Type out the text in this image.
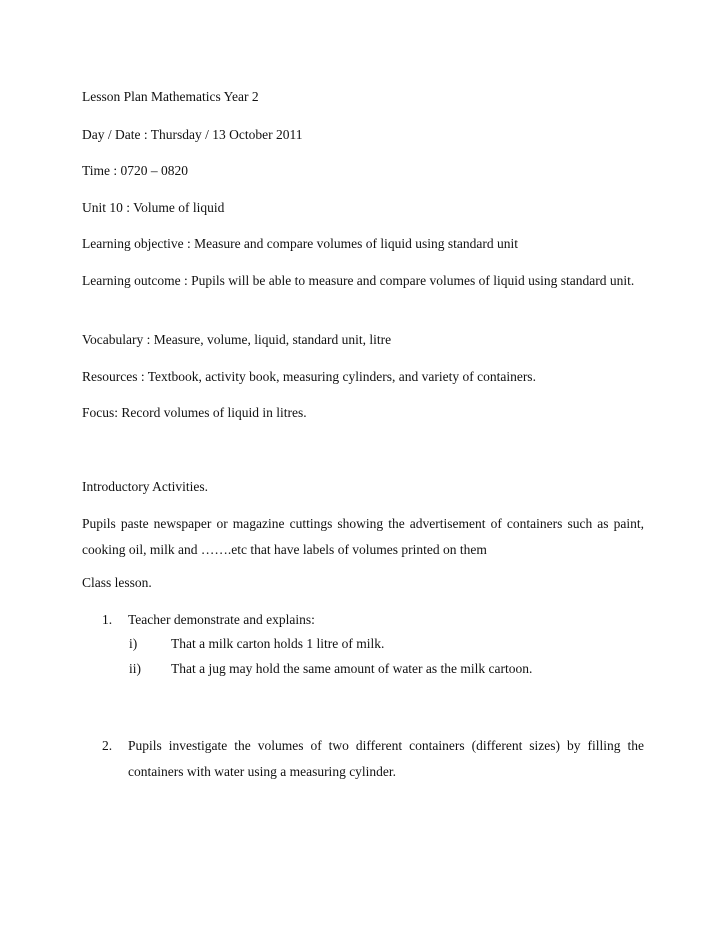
Lesson Plan Mathematics Year 2

Day / Date : Thursday / 13 October 2011

Time : 0720 – 0820

Unit 10 : Volume of liquid

Learning objective : Measure and compare volumes of liquid using standard unit

Learning outcome : Pupils will be able to measure and compare volumes of liquid using standard unit.

Vocabulary : Measure, volume, liquid, standard unit, litre

Resources : Textbook, activity book, measuring cylinders, and variety of containers.

Focus: Record volumes of liquid in litres.

Introductory Activities.

Pupils paste newspaper or magazine cuttings showing the advertisement of containers such as paint, cooking oil, milk and …….etc that have labels of volumes printed on them

Class lesson.

1. Teacher demonstrate and explains:
i)	That a milk carton holds 1 litre of milk.
ii) That a jug may hold the same amount of water as the milk cartoon.
2. Pupils investigate the volumes of two different containers (different sizes) by filling the containers with water using a measuring cylinder.
